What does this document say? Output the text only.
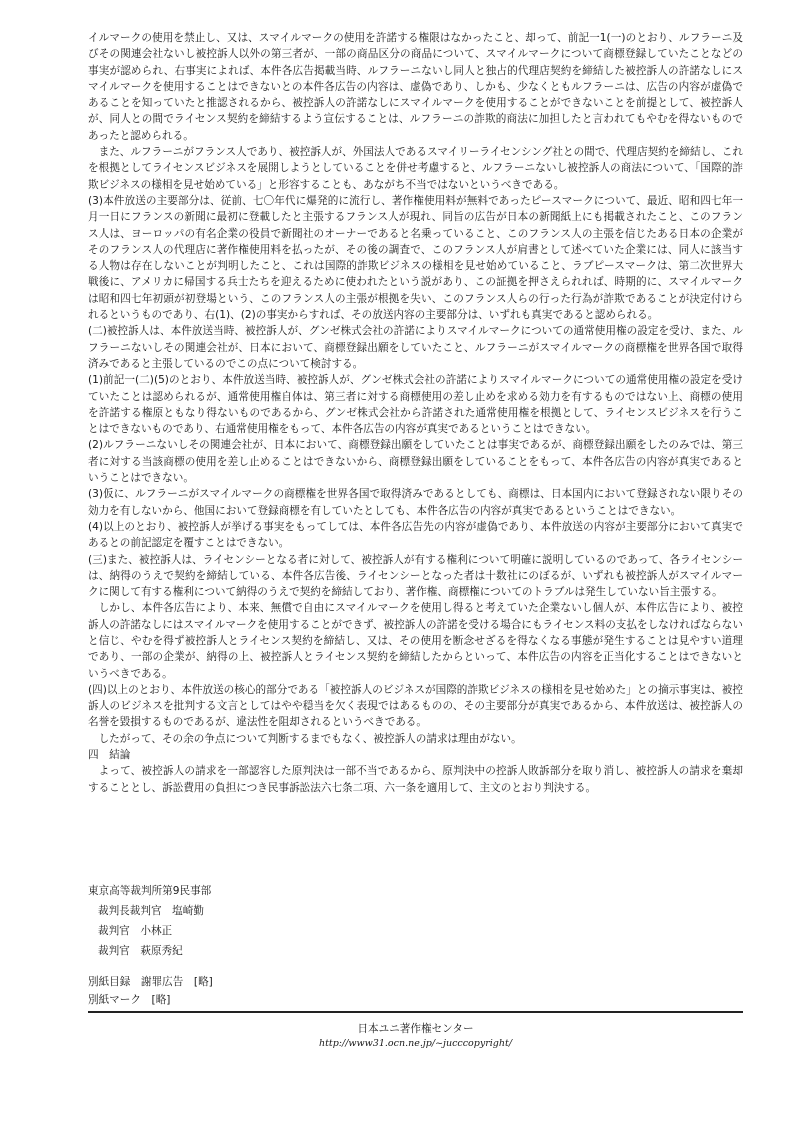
イルマークの使用を禁止し、又は、スマイルマークの使用を許諾する権限はなかったこと、却って、前記一1(一)のとおり、ルフラーニ及びその関連会社ないし被控訴人以外の第三者が、一部の商品区分の商品について、スマイルマークについて商標登録していたことなどの事実が認められ、右事実によれば、本件各広告掲載当時、ルフラーニないし同人と独占的代理店契約を締結した被控訴人の許諾なしにスマイルマークを使用することはできないとの本件各広告の内容は、虚偽であり、しかも、少なくともルフラーニは、広告の内容が虚偽であることを知っていたと推認されるから、被控訴人の許諾なしにスマイルマークを使用することができないことを前提として、被控訴人が、同人との間でライセンス契約を締結するよう宣伝することは、ルフラーニの詐欺的商法に加担したと言われてもやむを得ないものであったと認められる。

また、ルフラーニがフランス人であり、被控訴人が、外国法人であるスマイリーライセンシング社との間で、代理店契約を締結し、これを根拠としてライセンスビジネスを展開しようとしていることを併せ考慮すると、ルフラーニないし被控訴人の商法について、「国際的詐欺ビジネスの様相を見せ始めている」と形容することも、あながち不当ではないというべきである。

(3)本件放送の主要部分は、従前、七〇年代に爆発的に流行し、著作権使用料が無料であったピースマークについて、最近、昭和四七年一月一日にフランスの新聞に最初に登載したと主張するフランス人が現れ、同旨の広告が日本の新聞紙上にも掲載されたこと、このフランス人は、ヨーロッパの有名企業の役員で新聞社のオーナーであると名乗っていること、このフランス人の主張を信じたある日本の企業がそのフランス人の代理店に著作権使用料を払ったが、その後の調査で、このフランス人が肩書として述べていた企業には、同人に該当する人物は存在しないことが判明したこと、これは国際的詐欺ビジネスの様相を見せ始めていること、ラブピースマークは、第二次世界大戦後に、アメリカに帰国する兵士たちを迎えるために使われたという説があり、この証拠を押さえられれば、時期的に、スマイルマークは昭和四七年初頭が初登場という、このフランス人の主張が根拠を失い、このフランス人らの行った行為が詐欺であることが決定付けられるというものであり、右(1)、(2)の事実からすれば、その放送内容の主要部分は、いずれも真実であると認められる。

(二)被控訴人は、本件放送当時、被控訴人が、グンゼ株式会社の許諾によりスマイルマークについての通常使用権の設定を受け、また、ルフラーニないしその関連会社が、日本において、商標登録出願をしていたこと、ルフラーニがスマイルマークの商標権を世界各国で取得済みであると主張しているのでこの点について検討する。

(1)前記一(二)(5)のとおり、本件放送当時、被控訴人が、グンゼ株式会社の許諾によりスマイルマークについての通常使用権の設定を受けていたことは認められるが、通常使用権自体は、第三者に対する商標使用の差し止めを求める効力を有するものではない上、商標の使用を許諾する権原ともなり得ないものであるから、グンゼ株式会社から許諾された通常使用権を根拠として、ライセンスビジネスを行うことはできないものであり、右通常使用権をもって、本件各広告の内容が真実であるということはできない。

(2)ルフラーニないしその関連会社が、日本において、商標登録出願をしていたことは事実であるが、商標登録出願をしたのみでは、第三者に対する当該商標の使用を差し止めることはできないから、商標登録出願をしていることをもって、本件各広告の内容が真実であるということはできない。

(3)仮に、ルフラーニがスマイルマークの商標権を世界各国で取得済みであるとしても、商標は、日本国内において登録されない限りその効力を有しないから、他国において登録商標を有していたとしても、本件各広告の内容が真実であるということはできない。

(4)以上のとおり、被控訴人が挙げる事実をもってしては、本件各広告先の内容が虚偽であり、本件放送の内容が主要部分において真実であるとの前記認定を覆すことはできない。

(三)また、被控訴人は、ライセンシーとなる者に対して、被控訴人が有する権利について明確に説明しているのであって、各ライセンシーは、納得のうえで契約を締結している、本件各広告後、ライセンシーとなった者は十数社にのぼるが、いずれも被控訴人がスマイルマークに関して有する権利について納得のうえで契約を締結しており、著作権、商標権についてのトラブルは発生していない旨主張する。

しかし、本件各広告により、本来、無償で自由にスマイルマークを使用し得ると考えていた企業ないし個人が、本件広告により、被控訴人の許諾なしにはスマイルマークを使用することができず、被控訴人の許諾を受ける場合にもライセンス料の支払をしなければならないと信じ、やむを得ず被控訴人とライセンス契約を締結し、又は、その使用を断念せざるを得なくなる事態が発生することは見やすい道理であり、一部の企業が、納得の上、被控訴人とライセンス契約を締結したからといって、本件広告の内容を正当化することはできないというべきである。

(四)以上のとおり、本件放送の核心的部分である「被控訴人のビジネスが国際的詐欺ビジネスの様相を見せ始めた」との摘示事実は、被控訴人のビジネスを批判する文言としてはやや穏当を欠く表現ではあるものの、その主要部分が真実であるから、本件放送は、被控訴人の名誉を毀損するものであるが、違法性を阻却されるというべきである。

したがって、その余の争点について判断するまでもなく、被控訴人の請求は理由がない。

四　結論

よって、被控訴人の請求を一部認容した原判決は一部不当であるから、原判決中の控訴人敗訴部分を取り消し、被控訴人の請求を棄却することとし、訴訟費用の負担につき民事訴訟法六七条二項、六一条を適用して、主文のとおり判決する。

東京高等裁判所第9民事部
裁判長裁判官　塩崎勤
裁判官　小林正
裁判官　萩原秀紀
別紙目録　謝罪広告　[略]
別紙マーク　[略]
日本ユニ著作権センター
http://www31.ocn.ne.jp/~jucccopyright/
